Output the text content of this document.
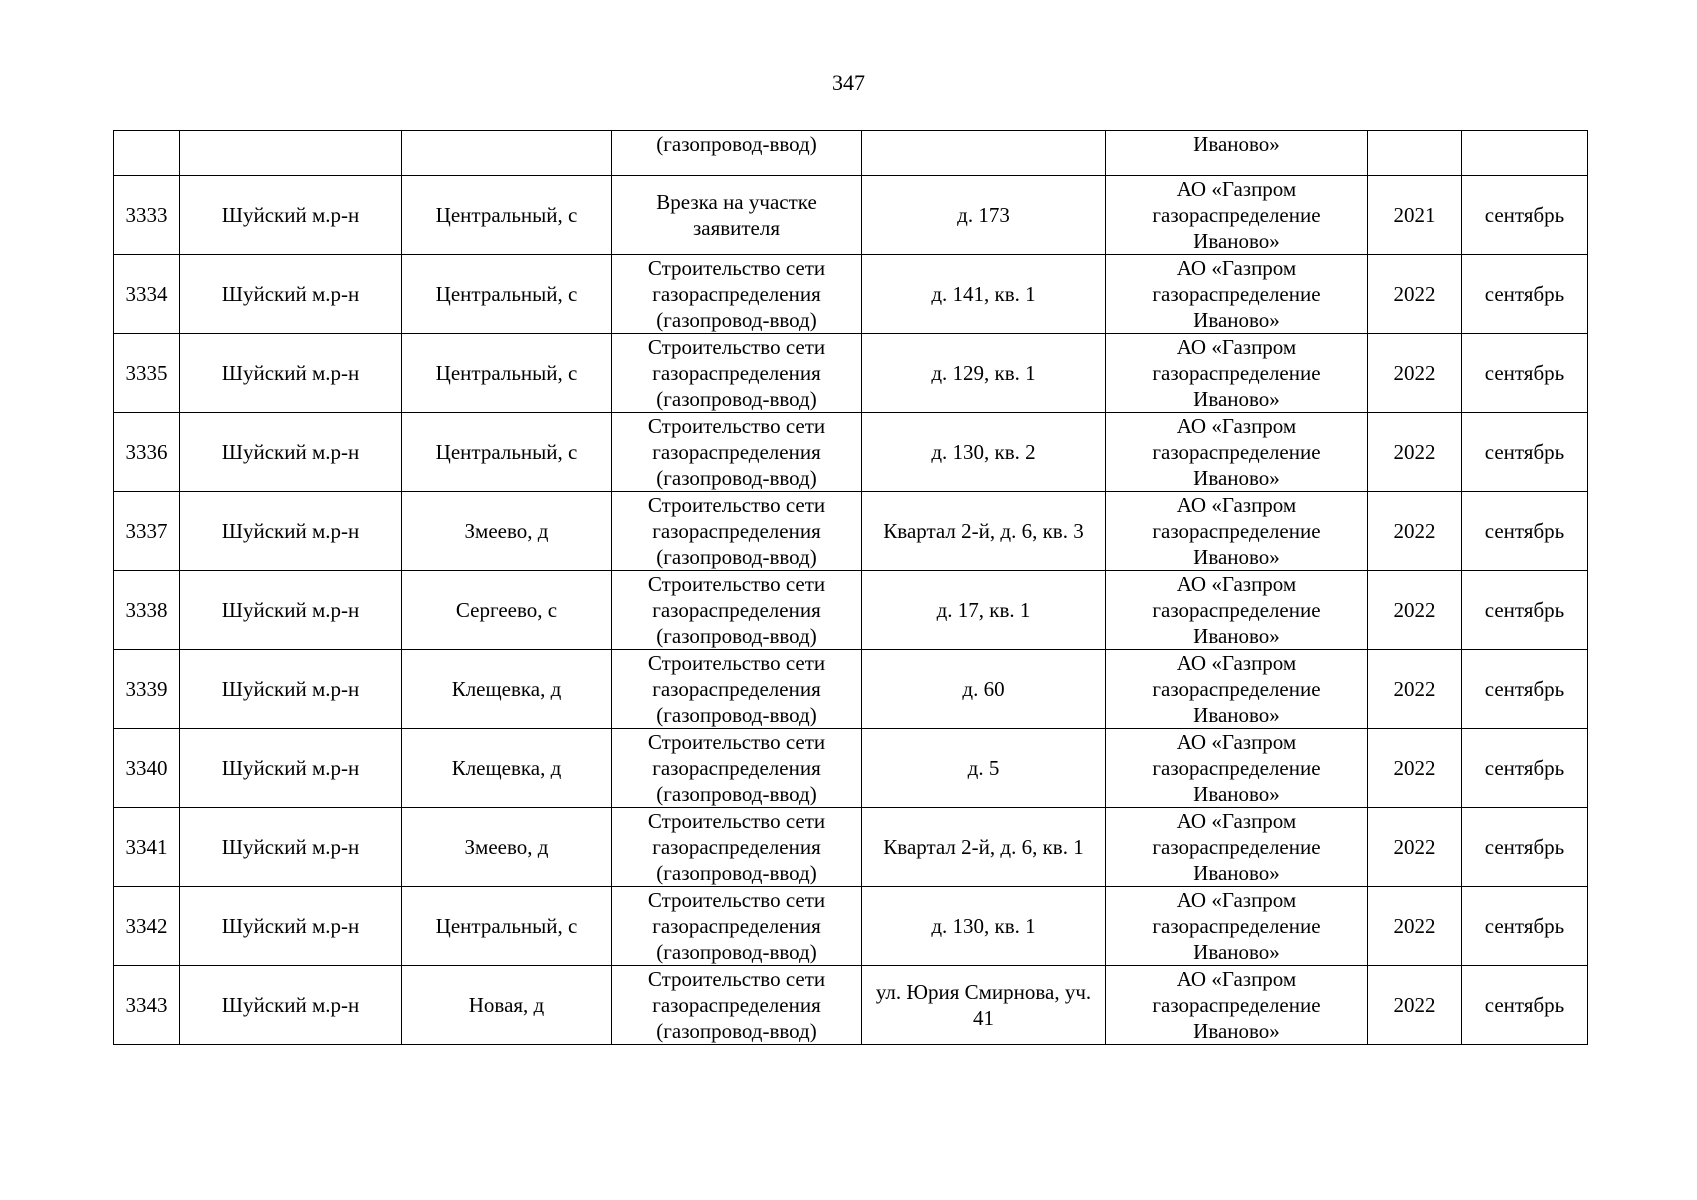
347
			(газопровод-ввод)		Иваново»		
3333	Шуйский м.р-н	Центральный, с	Врезка на участке заявителя	д. 173	АО «Газпром газораспределение Иваново»	2021	сентябрь
3334	Шуйский м.р-н	Центральный, с	Строительство сети газораспределения (газопровод-ввод)	д. 141, кв. 1	АО «Газпром газораспределение Иваново»	2022	сентябрь
3335	Шуйский м.р-н	Центральный, с	Строительство сети газораспределения (газопровод-ввод)	д. 129, кв. 1	АО «Газпром газораспределение Иваново»	2022	сентябрь
3336	Шуйский м.р-н	Центральный, с	Строительство сети газораспределения (газопровод-ввод)	д. 130, кв. 2	АО «Газпром газораспределение Иваново»	2022	сентябрь
3337	Шуйский м.р-н	Змеево, д	Строительство сети газораспределения (газопровод-ввод)	Квартал 2-й, д. 6, кв. 3	АО «Газпром газораспределение Иваново»	2022	сентябрь
3338	Шуйский м.р-н	Сергеево, с	Строительство сети газораспределения (газопровод-ввод)	д. 17, кв. 1	АО «Газпром газораспределение Иваново»	2022	сентябрь
3339	Шуйский м.р-н	Клещевка, д	Строительство сети газораспределения (газопровод-ввод)	д. 60	АО «Газпром газораспределение Иваново»	2022	сентябрь
3340	Шуйский м.р-н	Клещевка, д	Строительство сети газораспределения (газопровод-ввод)	д. 5	АО «Газпром газораспределение Иваново»	2022	сентябрь
3341	Шуйский м.р-н	Змеево, д	Строительство сети газораспределения (газопровод-ввод)	Квартал 2-й, д. 6, кв. 1	АО «Газпром газораспределение Иваново»	2022	сентябрь
3342	Шуйский м.р-н	Центральный, с	Строительство сети газораспределения (газопровод-ввод)	д. 130, кв. 1	АО «Газпром газораспределение Иваново»	2022	сентябрь
3343	Шуйский м.р-н	Новая, д	Строительство сети газораспределения (газопровод-ввод)	ул. Юрия Смирнова, уч. 41	АО «Газпром газораспределение Иваново»	2022	сентябрь
